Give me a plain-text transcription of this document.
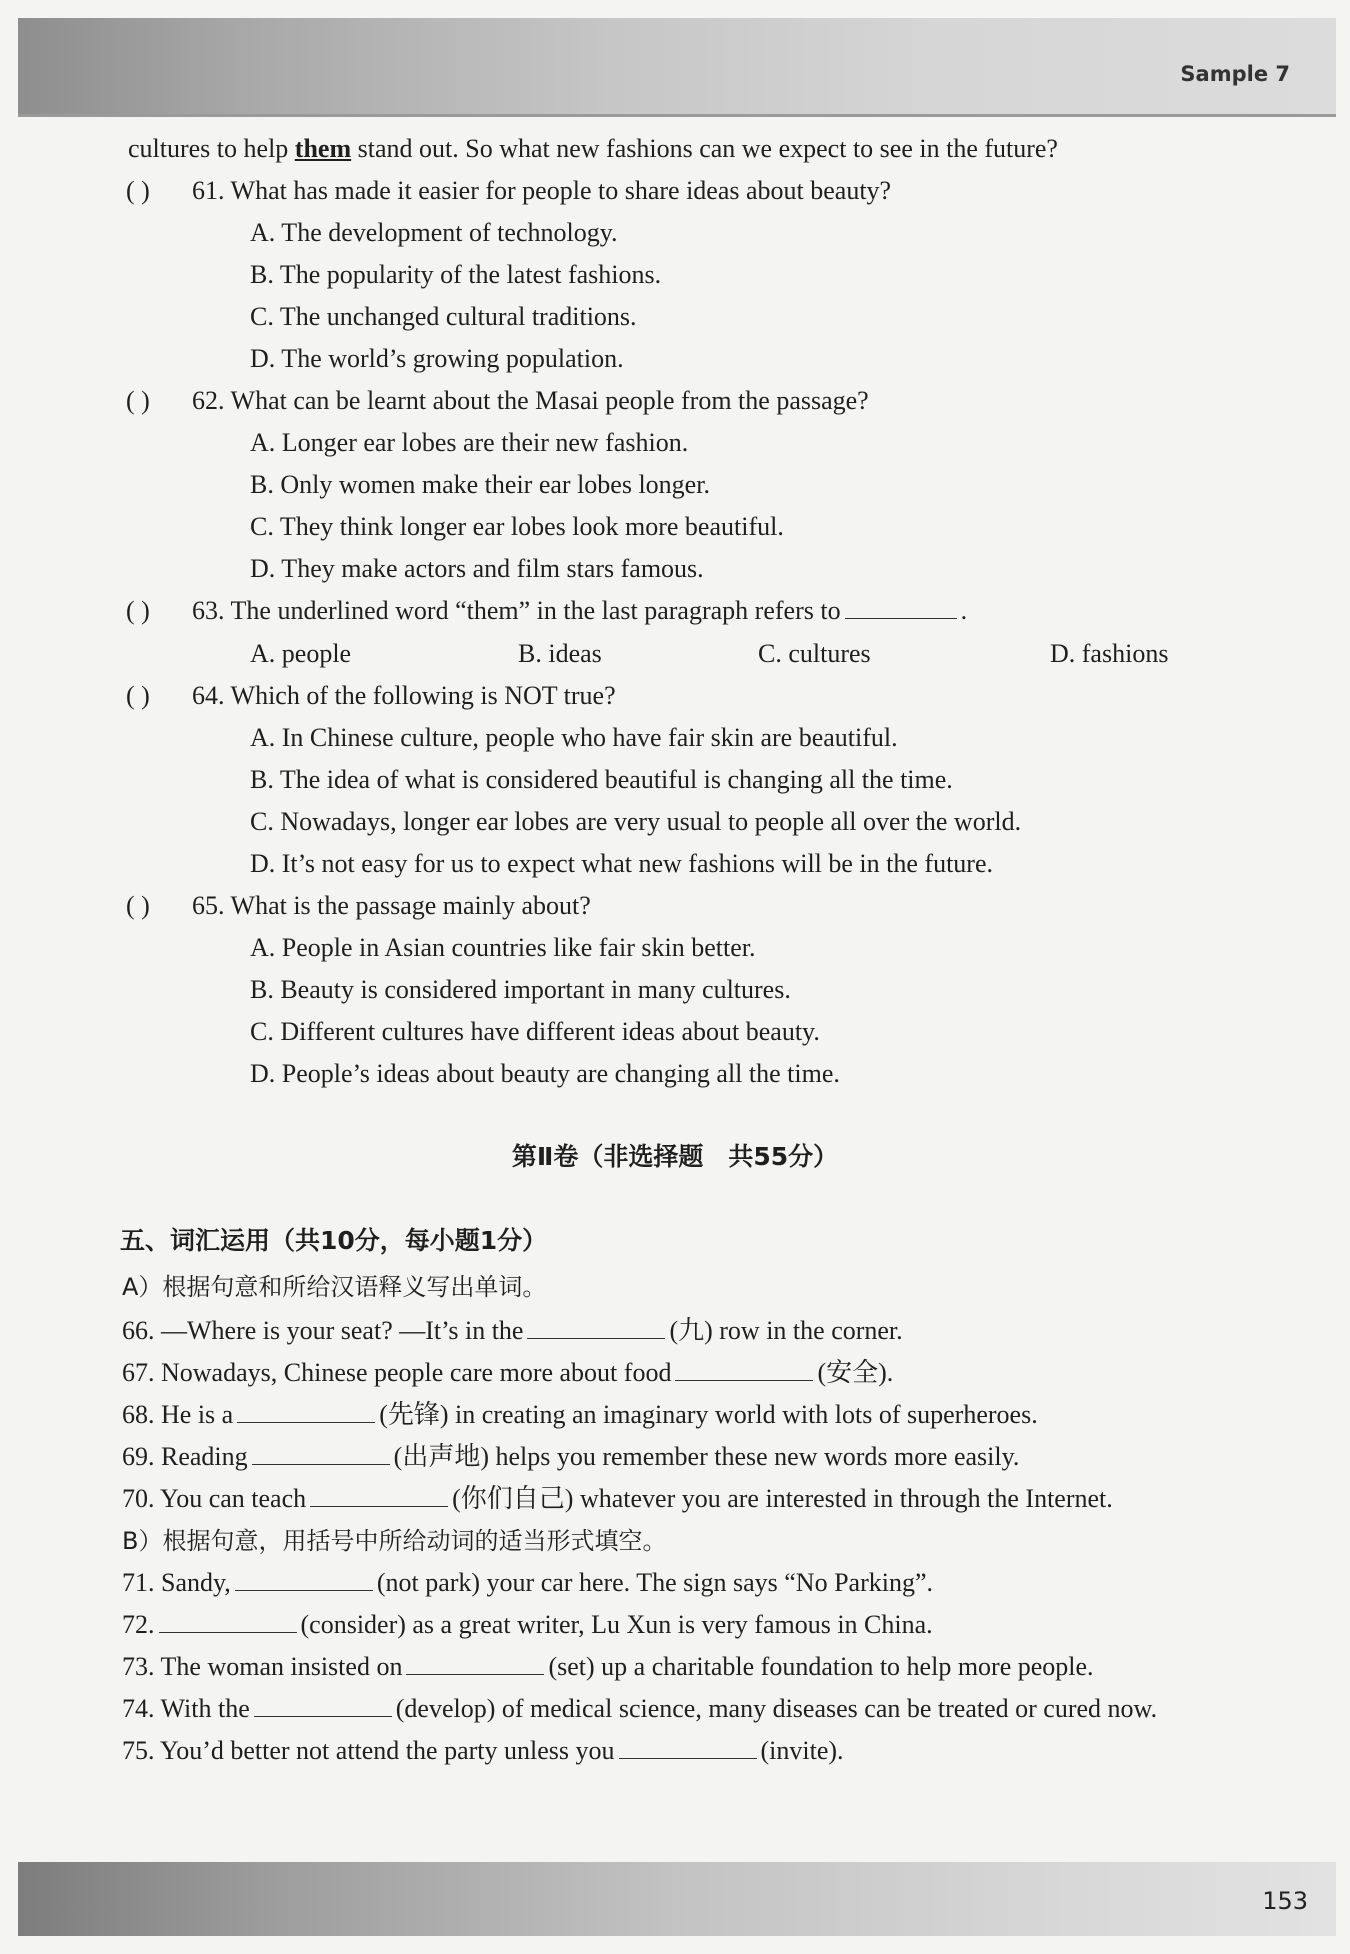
Sample 7
153
cultures to help them stand out. So what new fashions can we expect to see in the future?
( ) 61. What has made it easier for people to share ideas about beauty?
A. The development of technology.
B. The popularity of the latest fashions.
C. The unchanged cultural traditions.
D. The world’s growing population.
( ) 62. What can be learnt about the Masai people from the passage?
A. Longer ear lobes are their new fashion.
B. Only women make their ear lobes longer.
C. They think longer ear lobes look more beautiful.
D. They make actors and film stars famous.
( ) 63. The underlined word “them” in the last paragraph refers to	.
A. people	B. ideas	C. cultures	D. fashions
( ) 64. Which of the following is NOT true?
A. In Chinese culture, people who have fair skin are beautiful.
B. The idea of what is considered beautiful is changing all the time.
C. Nowadays, longer ear lobes are very usual to people all over the world.
D. It’s not easy for us to expect what new fashions will be in the future.
( ) 65. What is the passage mainly about?
A. People in Asian countries like fair skin better.
B. Beauty is considered important in many cultures.
C. Different cultures have different ideas about beauty.
D. People’s ideas about beauty are changing all the time.
第Ⅱ卷（非选择题　共55分）
五、词汇运用（共10分，每小题1分）
A）根据句意和所给汉语释义写出单词。
66. —Where is your seat? —It’s in the	(九) row in the corner.
67. Nowadays, Chinese people care more about food	(安全).
68. He is a	(先锋) in creating an imaginary world with lots of superheroes.
69. Reading	(出声地) helps you remember these new words more easily.
70. You can teach	(你们自己) whatever you are interested in through the Internet.
B）根据句意，用括号中所给动词的适当形式填空。
71. Sandy,	(not park) your car here. The sign says “No Parking”.
72.	(consider) as a great writer, Lu Xun is very famous in China.
73. The woman insisted on	(set) up a charitable foundation to help more people.
74. With the	(develop) of medical science, many diseases can be treated or cured now.
75. You’d better not attend the party unless you	(invite).
